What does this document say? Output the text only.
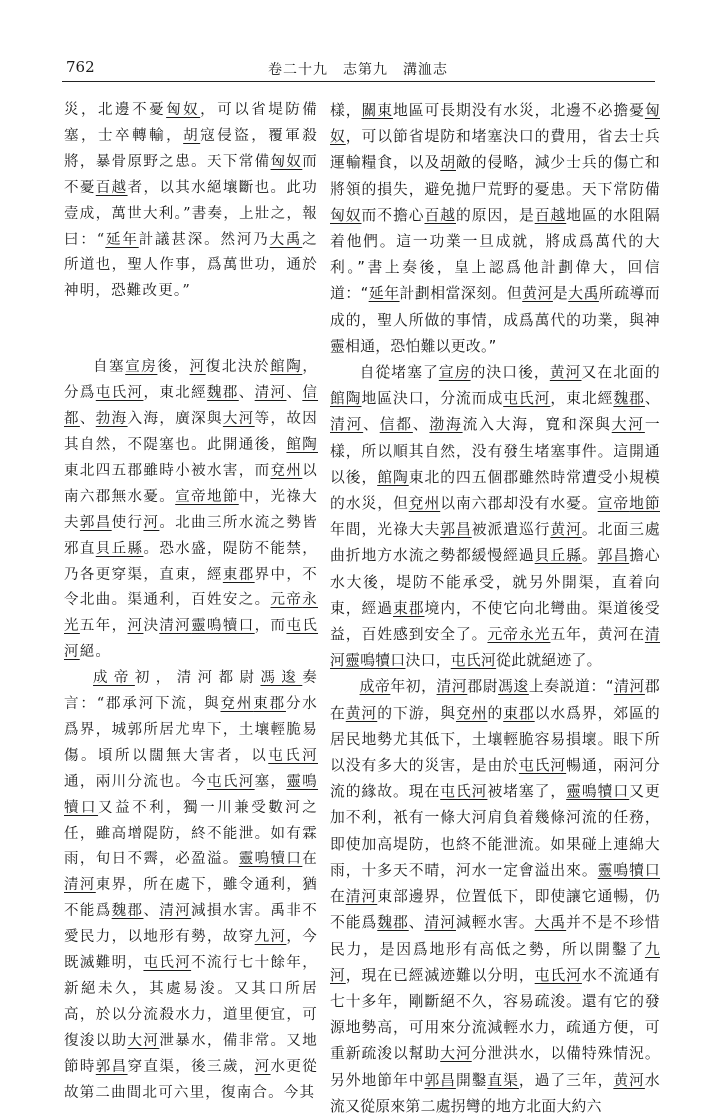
762	卷二十九　志第九　溝洫志

災，北邊不憂匈奴，可以省堤防備塞，士卒轉輸，胡寇侵盜，覆軍殺將，暴骨原野之患。天下常備匈奴而不憂百越者，以其水絕壤斷也。此功壹成，萬世大利。”書奏，上壯之，報曰：“延年計議甚深。然河乃大禹之所道也，聖人作事，爲萬世功，通於神明，恐難改更。”

自塞宣房後，河復北決於館陶，分爲屯氏河，東北經魏郡、清河、信都、勃海入海，廣深與大河等，故因其自然，不隄塞也。此開通後，館陶東北四五郡雖時小被水害，而兗州以南六郡無水憂。宣帝地節中，光祿大夫郭昌使行河。北曲三所水流之勢皆邪直貝丘縣。恐水盛，隄防不能禁，乃各更穿渠，直東，經東郡界中，不令北曲。渠通利，百姓安之。元帝永光五年，河決清河靈鳴犢口，而屯氏河絕。

成帝初，清河都尉馮逡奏言：“郡承河下流，與兗州東郡分水爲界，城郭所居尤卑下，土壤輕脆易傷。頃所以闊無大害者，以屯氏河通，兩川分流也。今屯氏河塞，靈鳴犢口又益不利，獨一川兼受數河之任，雖高增隄防，終不能泄。如有霖雨，旬日不霽，必盈溢。靈鳴犢口在清河東界，所在處下，雖令通利，猶不能爲魏郡、清河減損水害。禹非不愛民力，以地形有勢，故穿九河，今既滅難明，屯氏河不流行七十餘年，新絕未久，其處易浚。又其口所居高，於以分流殺水力，道里便宜，可復浚以助大河泄暴水，備非常。又地節時郭昌穿直渠，後三歲，河水更從故第二曲間北可六里，復南合。今其

樣，關東地區可長期没有水災，北邊不必擔憂匈奴，可以節省堤防和堵塞決口的費用，省去士兵運輸糧食，以及胡敵的侵略，減少士兵的傷亡和將領的損失，避免拋尸荒野的憂患。天下常防備匈奴而不擔心百越的原因，是百越地區的水阻隔着他們。這一功業一旦成就，將成爲萬代的大利。”書上奏後，皇上認爲他計劃偉大，回信道：“延年計劃相當深刻。但黄河是大禹所疏導而成的，聖人所做的事情，成爲萬代的功業，與神靈相通，恐怕難以更改。”

自從堵塞了宣房的決口後，黄河又在北面的館陶地區決口，分流而成屯氏河，東北經魏郡、清河、信都、渤海流入大海，寬和深與大河一樣，所以順其自然，没有發生堵塞事件。這開通以後，館陶東北的四五個郡雖然時常遭受小規模的水災，但兗州以南六郡却没有水憂。宣帝地節年間，光祿大夫郭昌被派遣巡行黄河。北面三處曲折地方水流之勢都緩慢經過貝丘縣。郭昌擔心水大後，堤防不能承受，就另外開渠，直着向東，經過東郡境内，不使它向北彎曲。渠道後受益，百姓感到安全了。元帝永光五年，黄河在清河靈鳴犢口決口，屯氏河從此就絕迹了。

成帝年初，清河郡尉馮逡上奏説道：“清河郡在黄河的下游，與兗州的東郡以水爲界，郊區的居民地勢尤其低下，土壤輕脆容易損壞。眼下所以没有多大的災害，是由於屯氏河暢通，兩河分流的緣故。現在屯氏河被堵塞了，靈鳴犢口又更加不利，衹有一條大河肩負着幾條河流的任務，即使加高堤防，也終不能泄流。如果碰上連綿大雨，十多天不晴，河水一定會溢出來。靈鳴犢口在清河東部邊界，位置低下，即使讓它通暢，仍不能爲魏郡、清河減輕水害。大禹并不是不珍惜民力，是因爲地形有高低之勢，所以開鑿了九河，現在已經滅迹難以分明，屯氏河水不流通有七十多年，剛斷絕不久，容易疏浚。還有它的發源地勢高，可用來分流減輕水力，疏通方便，可重新疏浚以幫助大河分泄洪水，以備特殊情況。另外地節年中郭昌開鑿直渠，過了三年，黄河水流又從原來第二處拐彎的地方北面大約六
